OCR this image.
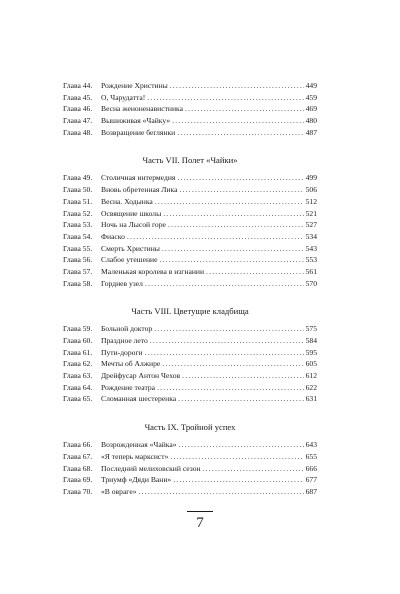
Глава 44.	Рождение Христины .....	449
Глава 45.	О, Чарудатта! .....	459
Глава 46.	Весна женоненавистника .....	469
Глава 47.	Вышиживая «Чайку» .....	480
Глава 48.	Возвращение беглянки .....	487
Часть VII. Полет «Чайки»
Глава 49.	Столичная интермедия .....	499
Глава 50.	Вновь обретенная Лика .....	506
Глава 51.	Весна. Ходынка .....	512
Глава 52.	Освящение школы .....	521
Глава 53.	Ночь на Лысой горе .....	527
Глава 54.	Фиаско .....	534
Глава 55.	Смерть Христины .....	543
Глава 56.	Слабое утешение .....	553
Глава 57.	Маленькая королева в изгнании .....	561
Глава 58.	Гордиев узел .....	570
Часть VIII. Цветущие кладбища
Глава 59.	Больной доктор .....	575
Глава 60.	Праздное лето .....	584
Глава 61.	Пути-дороги .....	595
Глава 62.	Мечты об Алжире .....	605
Глава 63.	Дрейфусар Антон Чехов .....	612
Глава 64.	Рождение театра .....	622
Глава 65.	Сломанная шестеренка .....	631
Часть IX. Тройной успех
Глава 66.	Возрожденная «Чайка» .....	643
Глава 67.	«Я теперь марксист» .....	655
Глава 68.	Последний мелиховский сезон .....	666
Глава 69.	Триумф «Дяди Вани» .....	677
Глава 70.	«В овраге» .....	687
7
